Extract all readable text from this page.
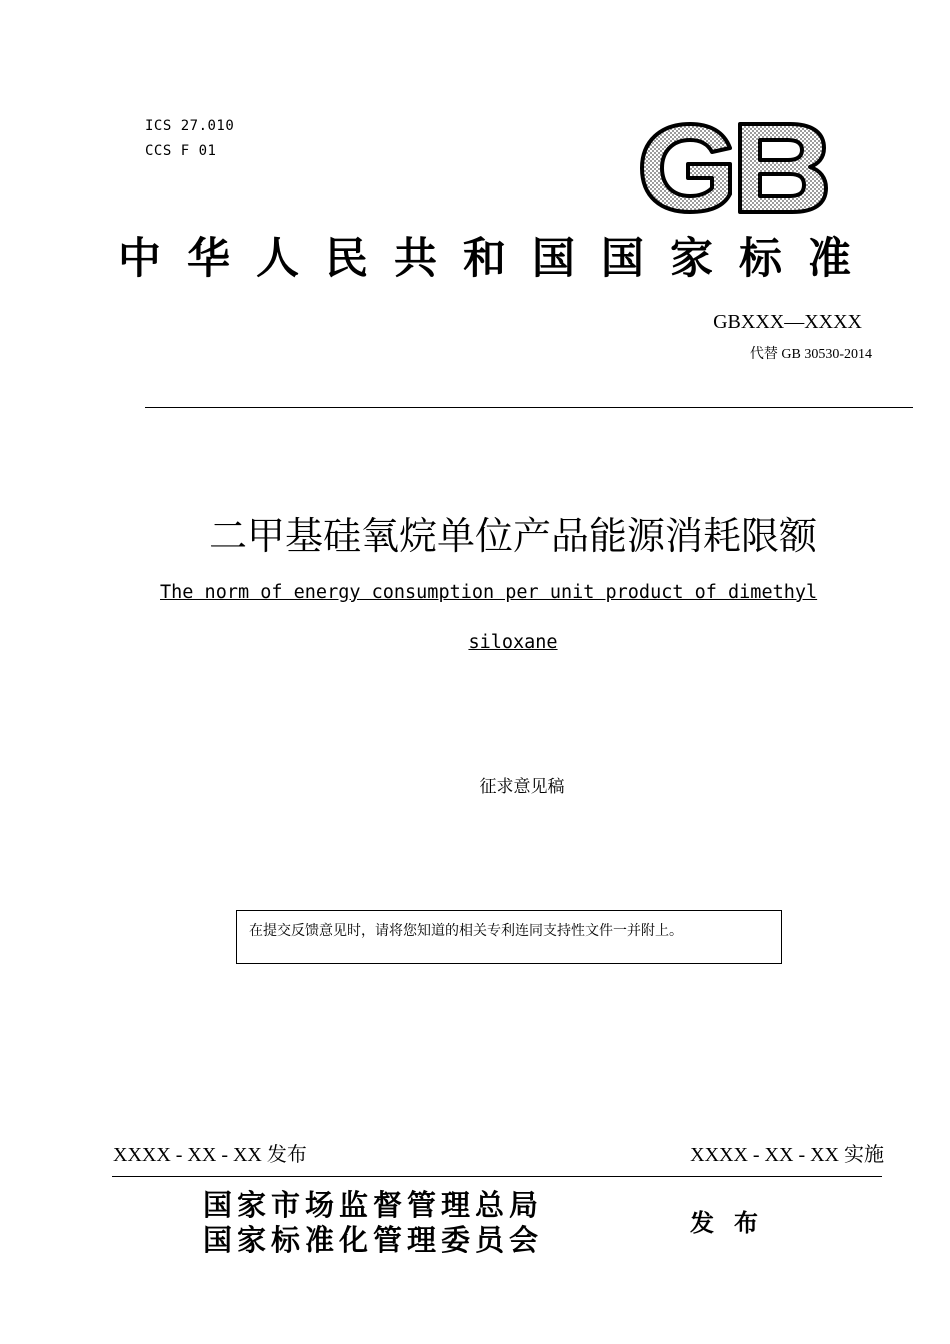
ICS 27.010
CCS F 01
中华人民共和国国家标准
GBXXX—XXXX
代替 GB 30530-2014
二甲基硅氧烷单位产品能源消耗限额
The norm of energy consumption per unit product of dimethyl
siloxane
征求意见稿
在提交反馈意见时，请将您知道的相关专利连同支持性文件一并附上。
XXXX - XX - XX 发布	XXXX - XX - XX 实施
国家市场监督管理总局
国家标准化管理委员会
发布
